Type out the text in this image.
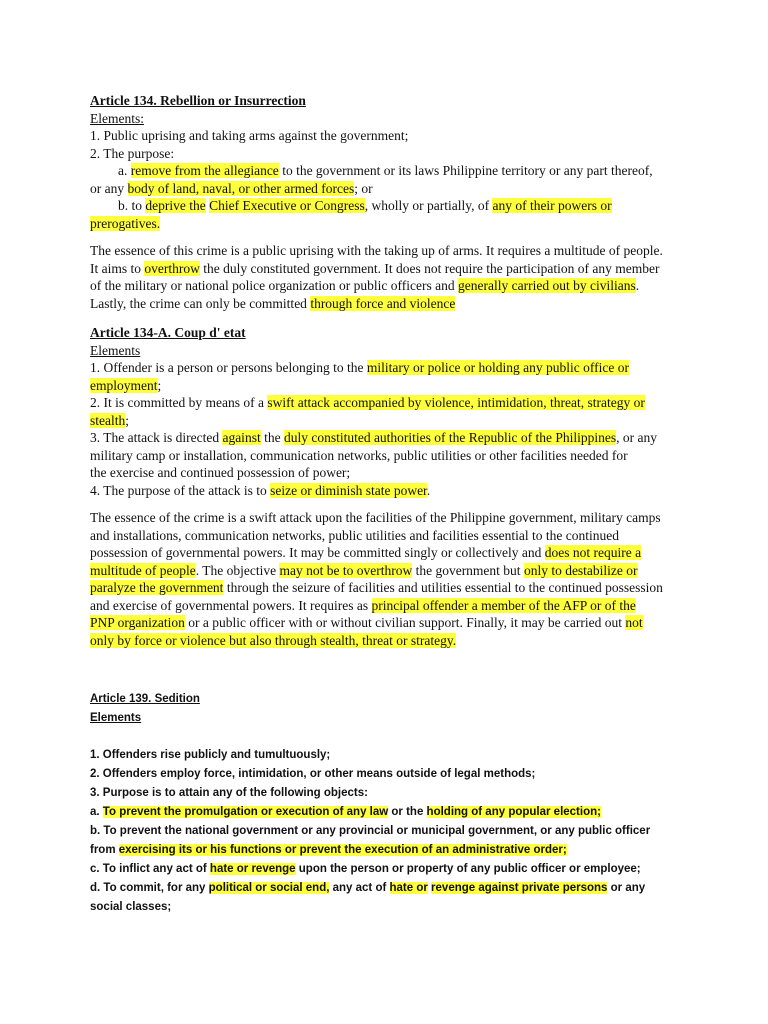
Article 134. Rebellion or Insurrection
Elements:
1. Public uprising and taking arms against the government;
2. The purpose:
a. remove from the allegiance to the government or its laws Philippine territory or any part thereof,
or any body of land, naval, or other armed forces; or
b. to deprive the Chief Executive or Congress, wholly or partially, of any of their powers or
prerogatives.
The essence of this crime is a public uprising with the taking up of arms. It requires a multitude of people.
It aims to overthrow the duly constituted government. It does not require the participation of any member
of the military or national police organization or public officers and generally carried out by civilians.
Lastly, the crime can only be committed through force and violence
Article 134-A. Coup d' etat
Elements
1. Offender is a person or persons belonging to the military or police or holding any public office or
employment;
2. It is committed by means of a swift attack accompanied by violence, intimidation, threat, strategy or
stealth;
3. The attack is directed against the duly constituted authorities of the Republic of the Philippines, or any
military camp or installation, communication networks, public utilities or other facilities needed for
the exercise and continued possession of power;
4. The purpose of the attack is to seize or diminish state power.
The essence of the crime is a swift attack upon the facilities of the Philippine government, military camps
and installations, communication networks, public utilities and facilities essential to the continued
possession of governmental powers. It may be committed singly or collectively and does not require a
multitude of people. The objective may not be to overthrow the government but only to destabilize or
paralyze the government through the seizure of facilities and utilities essential to the continued possession
and exercise of governmental powers. It requires as principal offender a member of the AFP or of the
PNP organization or a public officer with or without civilian support. Finally, it may be carried out not
only by force or violence but also through stealth, threat or strategy.
Article 139. Sedition
Elements
1. Offenders rise publicly and tumultuously;
2. Offenders employ force, intimidation, or other means outside of legal methods;
3. Purpose is to attain any of the following objects:
a. To prevent the promulgation or execution of any law or the holding of any popular election;
b. To prevent the national government or any provincial or municipal government, or any public officer
from exercising its or his functions or prevent the execution of an administrative order;
c. To inflict any act of hate or revenge upon the person or property of any public officer or employee;
d. To commit, for any political or social end, any act of hate or revenge against private persons or any
social classes;
